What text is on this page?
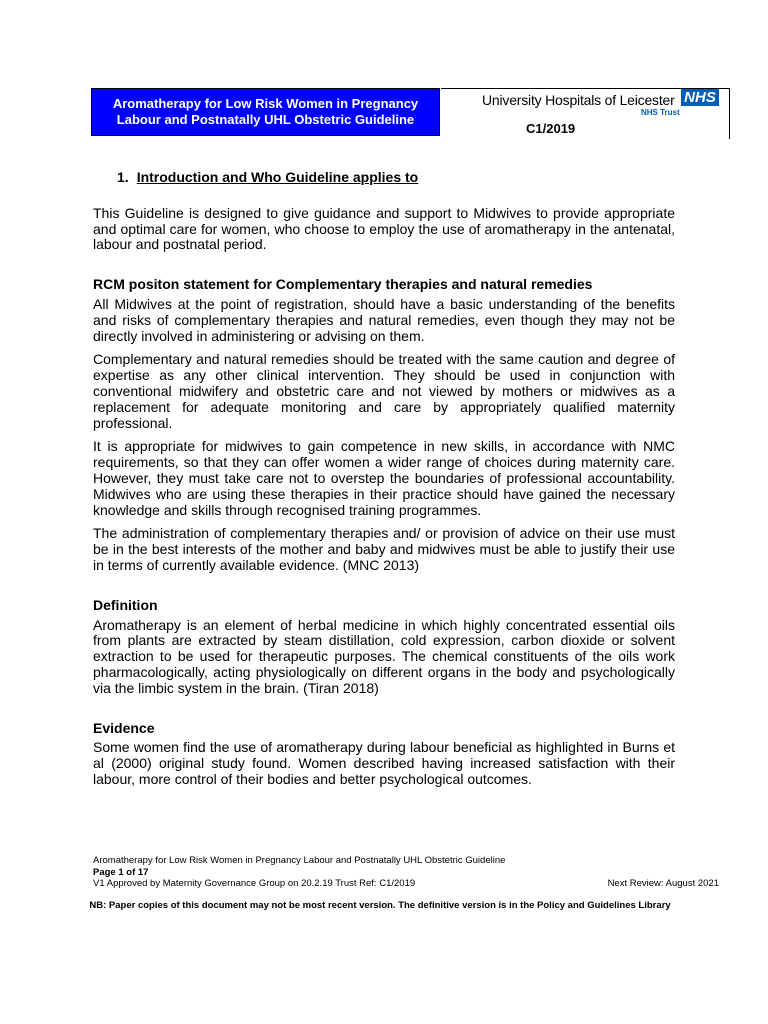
Aromatherapy for Low Risk Women in Pregnancy
Labour and Postnatally UHL Obstetric Guideline
University Hospitals of Leicester NHS
NHS Trust
C1/2019
1. Introduction and Who Guideline applies to

This Guideline is designed to give guidance and support to Midwives to provide appropriate and optimal care for women, who choose to employ the use of aromatherapy in the antenatal, labour and postnatal period.

RCM positon statement for Complementary therapies and natural remedies

All Midwives at the point of registration, should have a basic understanding of the benefits and risks of complementary therapies and natural remedies, even though they may not be directly involved in administering or advising on them.

Complementary and natural remedies should be treated with the same caution and degree of expertise as any other clinical intervention. They should be used in conjunction with conventional midwifery and obstetric care and not viewed by mothers or midwives as a replacement for adequate monitoring and care by appropriately qualified maternity professional.

It is appropriate for midwives to gain competence in new skills, in accordance with NMC requirements, so that they can offer women a wider range of choices during maternity care. However, they must take care not to overstep the boundaries of professional accountability. Midwives who are using these therapies in their practice should have gained the necessary knowledge and skills through recognised training programmes.

The administration of complementary therapies and/ or provision of advice on their use must be in the best interests of the mother and baby and midwives must be able to justify their use in terms of currently available evidence. (MNC 2013)

Definition

Aromatherapy is an element of herbal medicine in which highly concentrated essential oils from plants are extracted by steam distillation, cold expression, carbon dioxide or solvent extraction to be used for therapeutic purposes. The chemical constituents of the oils work pharmacologically, acting physiologically on different organs in the body and psychologically via the limbic system in the brain. (Tiran 2018)

Evidence

Some women find the use of aromatherapy during labour beneficial as highlighted in Burns et al (2000) original study found. Women described having increased satisfaction with their labour, more control of their bodies and better psychological outcomes.

Aromatherapy for Low Risk Women in Pregnancy Labour and Postnatally UHL Obstetric Guideline
Page 1 of 17
V1 Approved by Maternity Governance Group on 20.2.19 Trust Ref: C1/2019	Next Review: August 2021
NB: Paper copies of this document may not be most recent version. The definitive version is in the Policy and Guidelines Library
